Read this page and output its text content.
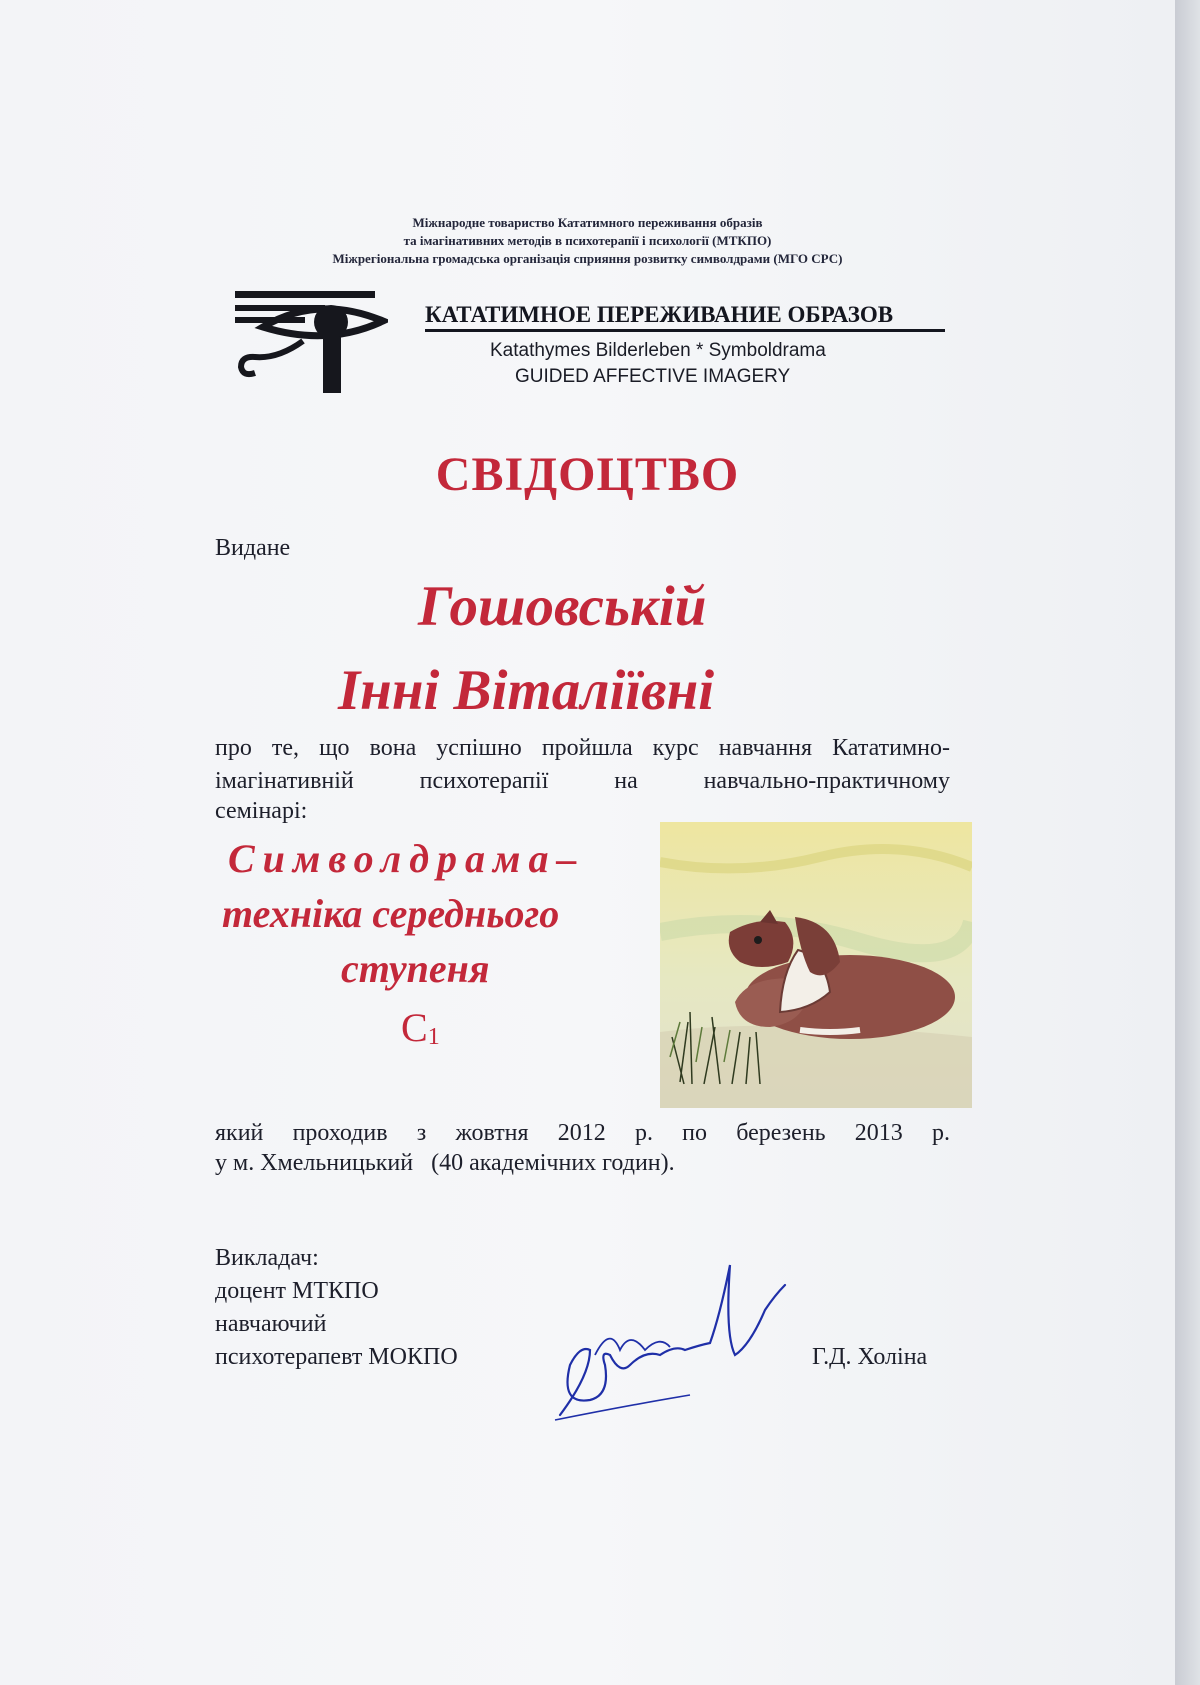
Міжнародне товариство Кататимного переживання образів
та імагінативних методів в психотерапії і психології (МТКПО)
Міжрегіональна громадська організація сприяння розвитку символдрами (МГО СРС)
КАТАТИМНОЕ ПЕРЕЖИВАНИЕ ОБРАЗОВ
Katathymes Bilderleben * Symboldrama
GUIDED AFFECTIVE IMAGERY
СВІДОЦТВО
Видане
Гошовській
Інні Віталіївні
про те, що вона успішно пройшла курс навчання Кататимно-
імагінативній психотерапії на навчально-практичному
семінарі:
Символдрама–
техніка середнього
ступеня
$С_1$
який проходив з жовтня 2012 р. по березень 2013 р.
у м. Хмельницький   (40 академічних годин).
Викладач:
доцент МТКПО
навчаючий
психотерапевт МОКПО	Г.Д. Холіна
